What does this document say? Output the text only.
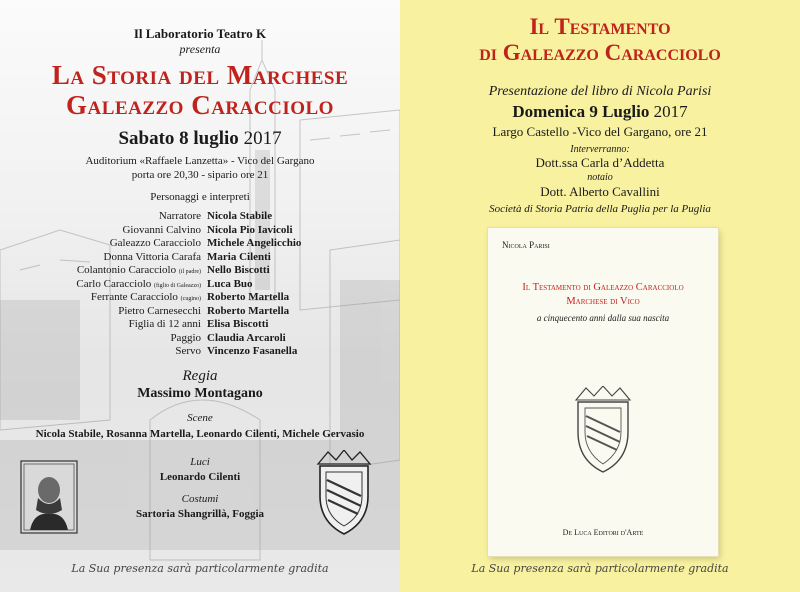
Il Laboratorio Teatro K
presenta
La Storia del Marchese
Galeazzo Caracciolo
Sabato 8 luglio 2017
Auditorium «Raffaele Lanzetta» - Vico del Gargano
porta ore 20,30 - sipario ore 21
Personaggi e interpreti
Narratore Nicola Stabile
Giovanni Calvino Nicola Pio Iavicoli
Galeazzo Caracciolo Michele Angelicchio
Donna Vittoria Carafa Maria Cilenti
Colantonio Caracciolo (il padre) Nello Biscotti
Carlo Caracciolo (figlio di Galeazzo) Luca Buo
Ferrante Caracciolo (cugino) Roberto Martella
Pietro Carnesecchi Roberto Martella
Figlia di 12 anni Elisa Biscotti
Paggio Claudia Arcaroli
Servo Vincenzo Fasanella
Regia
Massimo Montagano
Scene
Nicola Stabile, Rosanna Martella, Leonardo Cilenti, Michele Gervasio
Luci
Leonardo Cilenti
Costumi
Sartoria Shangrillà, Foggia
La Sua presenza sarà particolarmente gradita
Il Testamento
di Galeazzo Caracciolo
Presentazione del libro di Nicola Parisi
Domenica 9 Luglio 2017
Largo Castello -Vico del Gargano, ore 21
Interverranno:
Dott.ssa Carla d’Addetta
notaio
Dott. Alberto Cavallini
Società di Storia Patria della Puglia per la Puglia
Nicola Parisi
Il Testamento di Galeazzo Caracciolo
Marchese di Vico
a cinquecento anni dalla sua nascita
De Luca Editori d'Arte
La Sua presenza sarà particolarmente gradita
